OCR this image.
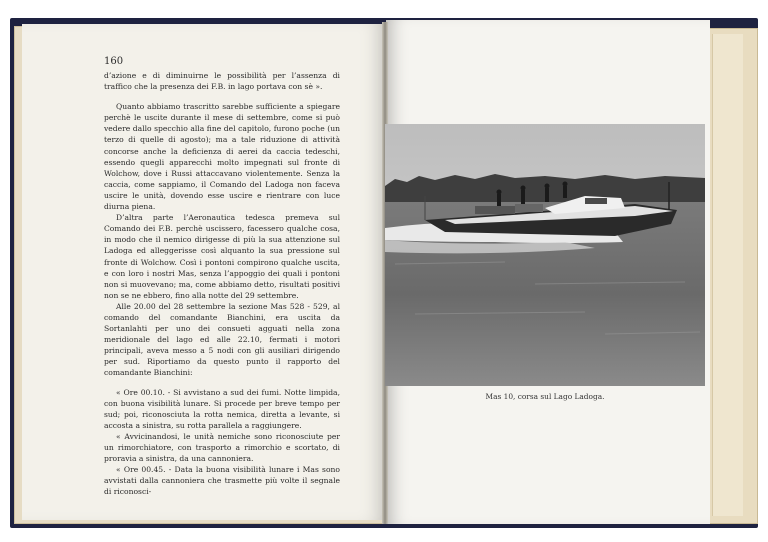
160

d’azione e di diminuirne le possibilità per l’assenza di traffico che la presenza dei F.B. in lago portava con sè ».

Quanto abbiamo trascritto sarebbe sufficiente a spiegare perchè le uscite durante il mese di settembre, come si può vedere dallo specchio alla fine del capitolo, furono poche (un terzo di quelle di agosto); ma a tale riduzione di attività concorse anche la deficienza di aerei da caccia tedeschi, essendo quegli apparecchi molto impegnati sul fronte di Wolchow, dove i Russi attaccavano violentemente. Senza la caccia, come sappiamo, il Comando del Ladoga non faceva uscire le unità, dovendo esse uscire e rientrare con luce diurna piena.

D’altra parte l’Aeronautica tedesca premeva sul Comando dei F.B. perchè uscissero, facessero qualche cosa, in modo che il nemico dirigesse di più la sua attenzione sul Ladoga ed alleggerisse così alquanto la sua pressione sul fronte di Wolchow. Così i pontoni compirono qualche uscita, e con loro i nostri Mas, senza l’appoggio dei quali i pontoni non si muovevano; ma, come abbiamo detto, risultati positivi non se ne ebbero, fino alla notte del 29 settembre.

Alle 20.00 del 28 settembre la sezione Mas 528 - 529, al comando del comandante Bianchini, era uscita da Sortanlahti per uno dei consueti agguati nella zona meridionale del lago ed alle 22.10, fermati i motori principali, aveva messo a 5 nodi con gli ausiliari dirigendo per sud. Riportiamo da questo punto il rapporto del comandante Bianchini:

« Ore 00.10. - Si avvistano a sud dei fumi. Notte limpida, con buona visibilità lunare. Si procede per breve tempo per sud; poi, riconosciuta la rotta nemica, diretta a levante, si accosta a sinistra, su rotta parallela a raggiungere.

« Avvicinandosi, le unità nemiche sono riconosciute per un rimorchiatore, con trasporto a rimorchio e scortato, di proravia a sinistra, da una cannoniera.

« Ore 00.45. - Data la buona visibilità lunare i Mas sono avvistati dalla cannoniera che trasmette più volte il segnale di riconosci-

Mas 10, corsa sul Lago Ladoga.
